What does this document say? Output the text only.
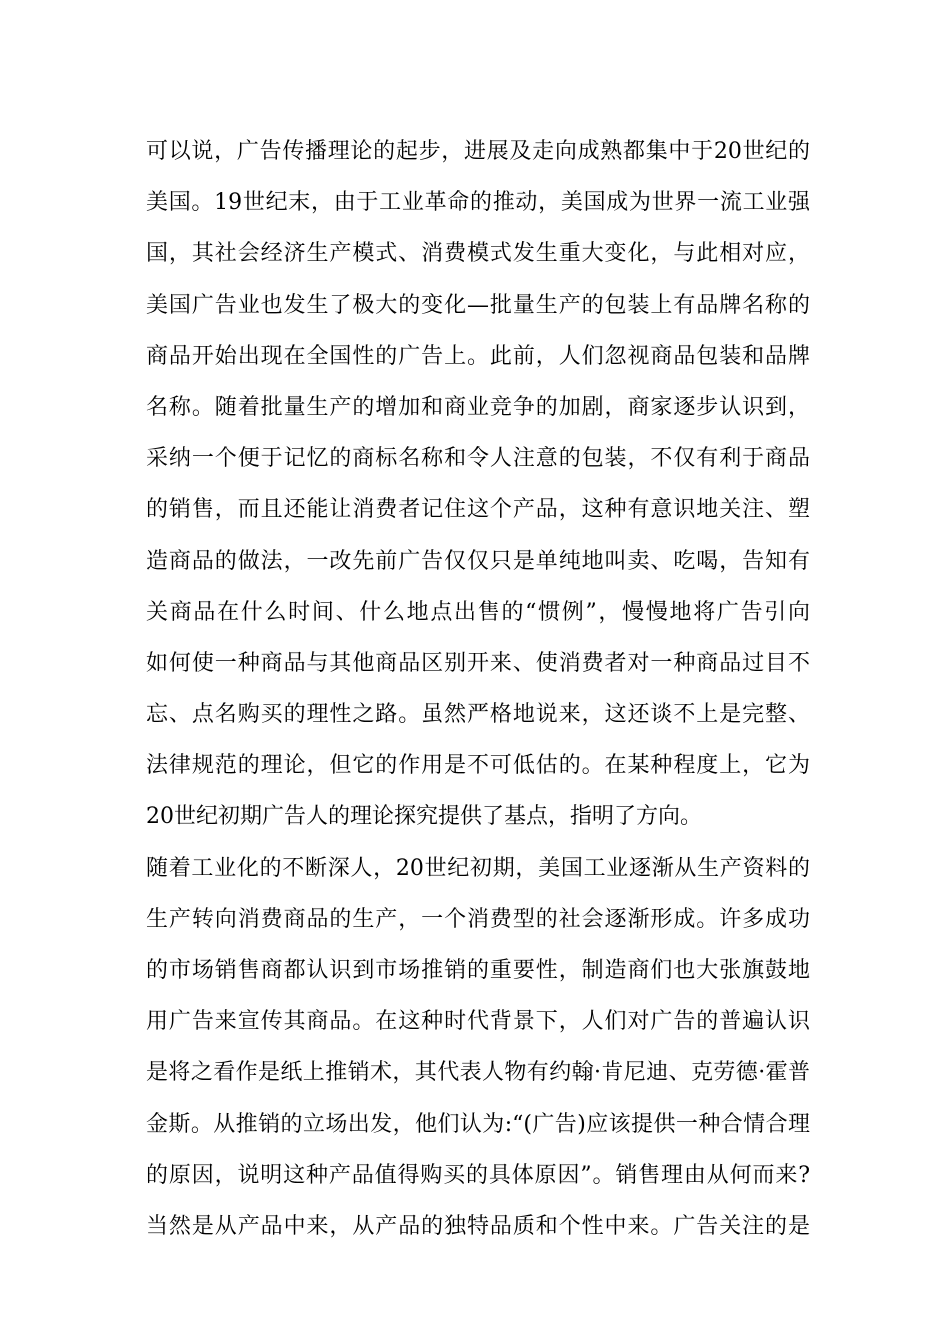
可以说，广告传播理论的起步，进展及走向成熟都集中于20世纪的
美国。19世纪末，由于工业革命的推动，美国成为世界一流工业强
国，其社会经济生产模式、消费模式发生重大变化，与此相对应，
美国广告业也发生了极大的变化—批量生产的包装上有品牌名称的
商品开始出现在全国性的广告上。此前，人们忽视商品包装和品牌
名称。随着批量生产的增加和商业竞争的加剧，商家逐步认识到，
采纳一个便于记忆的商标名称和令人注意的包装，不仅有利于商品
的销售，而且还能让消费者记住这个产品，这种有意识地关注、塑
造商品的做法，一改先前广告仅仅只是单纯地叫卖、吃喝，告知有
关商品在什么时间、什么地点出售的“惯例”，慢慢地将广告引向
如何使一种商品与其他商品区别开来、使消费者对一种商品过目不
忘、点名购买的理性之路。虽然严格地说来，这还谈不上是完整、
法律规范的理论，但它的作用是不可低估的。在某种程度上，它为
20世纪初期广告人的理论探究提供了基点，指明了方向。
随着工业化的不断深人，20世纪初期，美国工业逐渐从生产资料的
生产转向消费商品的生产，一个消费型的社会逐渐形成。许多成功
的市场销售商都认识到市场推销的重要性，制造商们也大张旗鼓地
用广告来宣传其商品。在这种时代背景下，人们对广告的普遍认识
是将之看作是纸上推销术，其代表人物有约翰·肯尼迪、克劳德·霍普
金斯。从推销的立场出发，他们认为:“(广告)应该提供一种合情合理
的原因，说明这种产品值得购买的具体原因”。销售理由从何而来?
当然是从产品中来，从产品的独特品质和个性中来。广告关注的是
